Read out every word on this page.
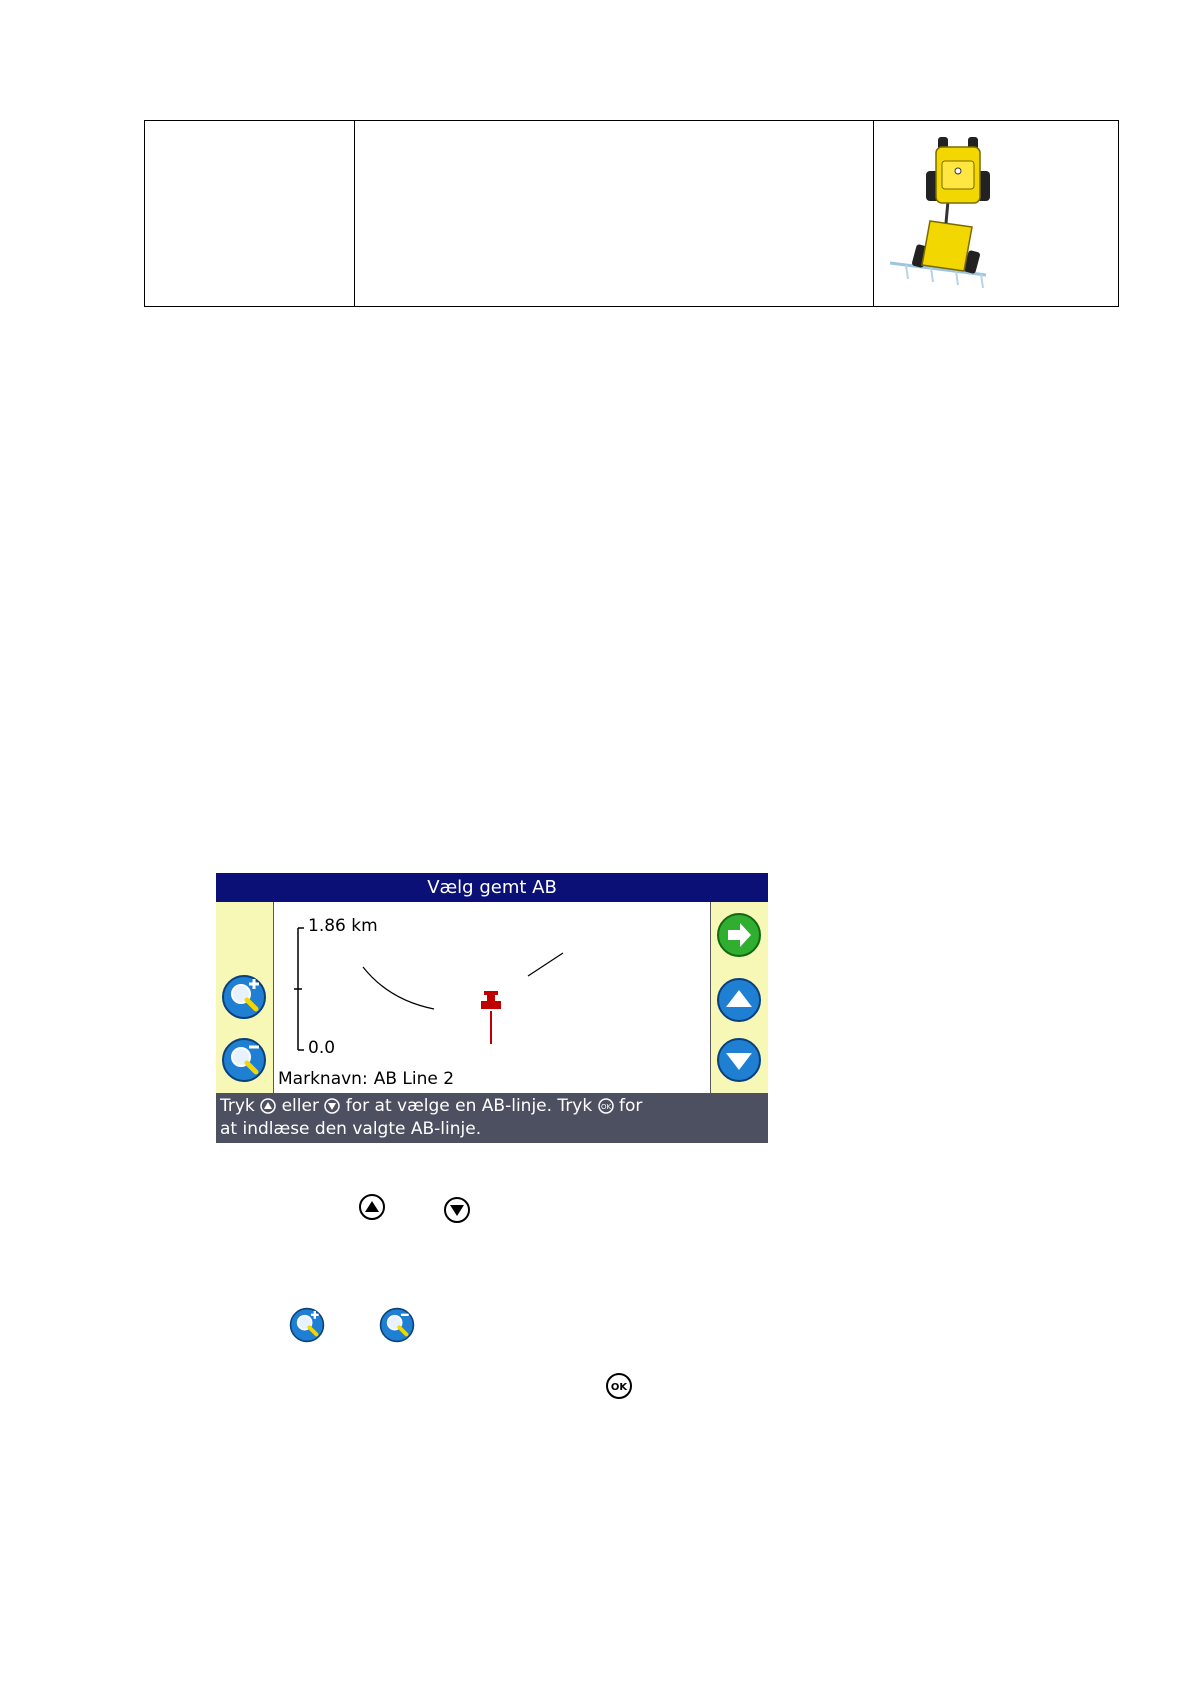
Vælg gemt AB
1.86 km
0.0
Marknavn: AB Line 2
Tryk eller for at vælge en AB-linje. Tryk OK for
at indlæse den valgte AB-linje.
OK
